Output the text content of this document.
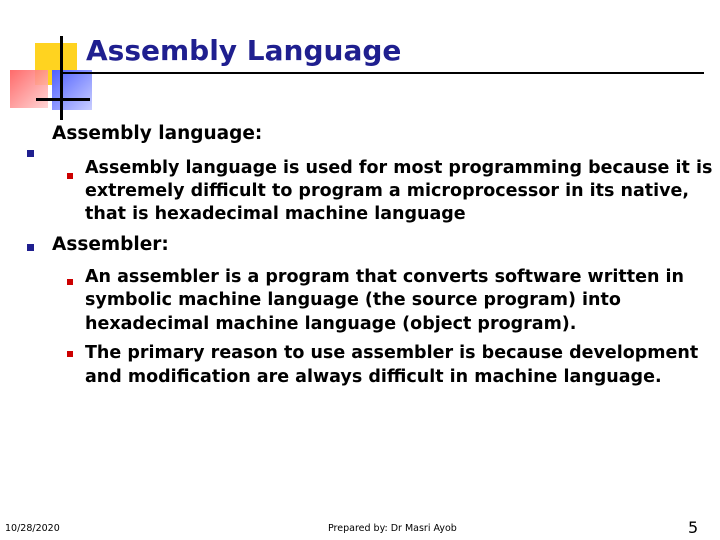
Assembly Language
Assembly language:
Assembly language is used for most programming because it is
extremely difficult to program a microprocessor in its native,
that is hexadecimal machine language
Assembler:
An assembler is a program that converts software written in
symbolic machine language (the source program) into
hexadecimal machine language (object program).
The primary reason to use assembler is because development
and modification are always difficult in machine language.
10/28/2020	Prepared by: Dr Masri Ayob	5
